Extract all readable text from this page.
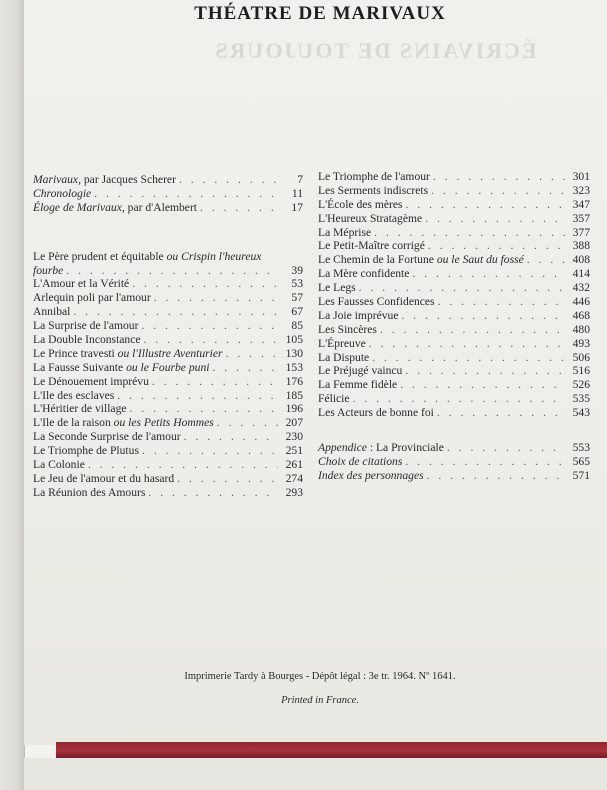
ÉCRIVAINS DE TOUJOURS
THÉATRE DE MARIVAUX
Marivaux, par Jacques Scherer . . .	7
Chronologie . . .	11
Éloge de Marivaux, par d'Alembert . . .	17
Le Père prudent et équitable ou Crispin l'heureux
fourbe . . .	39
L'Amour et la Vérité . . .	53
Arlequin poli par l'amour . . .	57
Annibal . . .	67
La Surprise de l'amour . . .	85
La Double Inconstance . . .	105
Le Prince travesti ou l'Illustre Aventurier . . .	130
La Fausse Suivante ou le Fourbe puni . . .	153
Le Dénouement imprévu . . .	176
L'Ile des esclaves . . .	185
L'Héritier de village . . .	196
L'Ile de la raison ou les Petits Hommes . . .	207
La Seconde Surprise de l'amour . . .	230
Le Triomphe de Plutus . . .	251
La Colonie . . .	261
Le Jeu de l'amour et du hasard . . .	274
La Réunion des Amours . . .	293
Le Triomphe de l'amour . . .	301
Les Serments indiscrets . . .	323
L'École des mères . . .	347
L'Heureux Stratagème . . .	357
La Méprise . . .	377
Le Petit-Maître corrigé . . .	388
Le Chemin de la Fortune ou le Saut du fossé . . .	408
La Mère confidente . . .	414
Le Legs . . .	432
Les Fausses Confidences . . .	446
La Joie imprévue . . .	468
Les Sincères . . .	480
L'Épreuve . . .	493
La Dispute . . .	506
Le Préjugé vaincu . . .	516
La Femme fidèle . . .	526
Félicie . . .	535
Les Acteurs de bonne foi . . .	543
Appendice : La Provinciale . . .	553
Choix de citations . . .	565
Index des personnages . . .	571
Imprimerie Tardy à Bourges - Dépôt légal : 3e tr. 1964. Nº 1641.
Printed in France.
